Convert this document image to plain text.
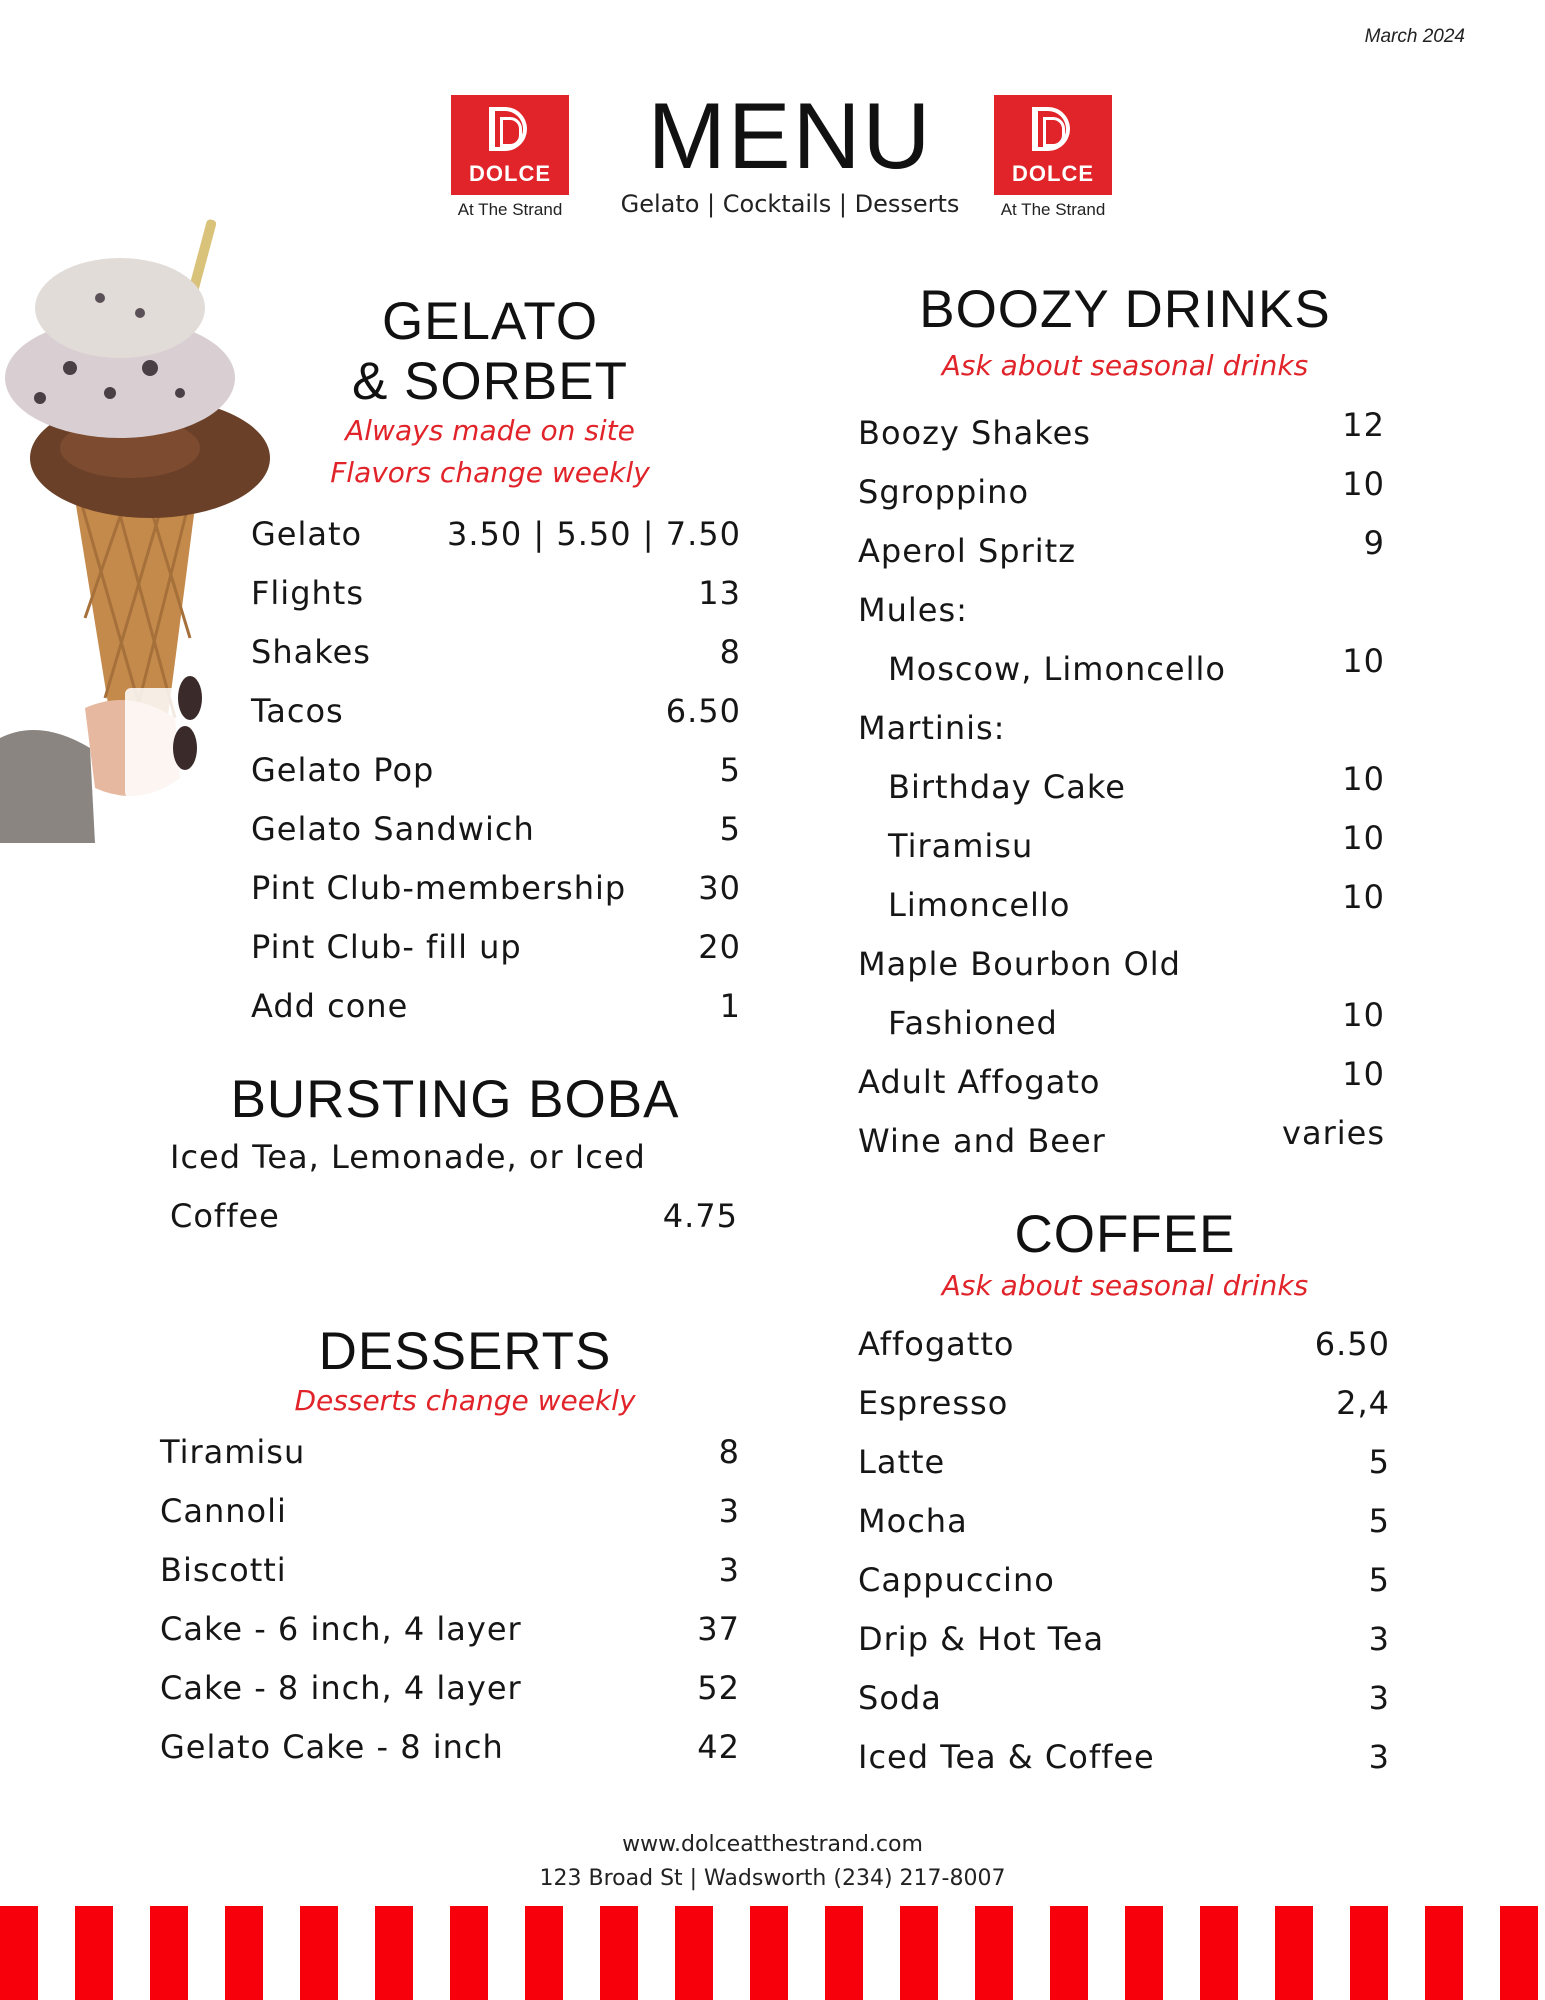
March 2024
DOLCE
At The Strand
DOLCE
At The Strand
MENU
Gelato | Cocktails | Desserts
GELATO
& SORBET
Always made on site
Flavors change weekly
Gelato	3.50 | 5.50 | 7.50
Flights	13
Shakes	8
Tacos	6.50
Gelato Pop	5
Gelato Sandwich	5
Pint Club-membership 30
Pint Club- fill up	20
Add cone	1
BURSTING BOBA
Iced Tea, Lemonade, or Iced
Coffee	4.75
DESSERTS
Desserts change weekly
Tiramisu	8
Cannoli	3
Biscotti	3
Cake - 6 inch, 4 layer	37
Cake - 8 inch, 4 layer	52
Gelato Cake - 8 inch	42
BOOZY DRINKS
Ask about seasonal drinks
Boozy Shakes	12
Sgroppino	10
Aperol Spritz	9
Mules:
Moscow, Limoncello	10
Martinis:
Birthday Cake	10
Tiramisu	10
Limoncello	10
Maple Bourbon Old
Fashioned	10
Adult Affogato	10
Wine and Beer	varies
COFFEE
Ask about seasonal drinks
Affogatto	6.50
Espresso	2,4
Latte	5
Mocha	5
Cappuccino	5
Drip & Hot Tea	3
Soda	3
Iced Tea & Coffee	3
www.dolceatthestrand.com
123 Broad St | Wadsworth (234) 217-8007
